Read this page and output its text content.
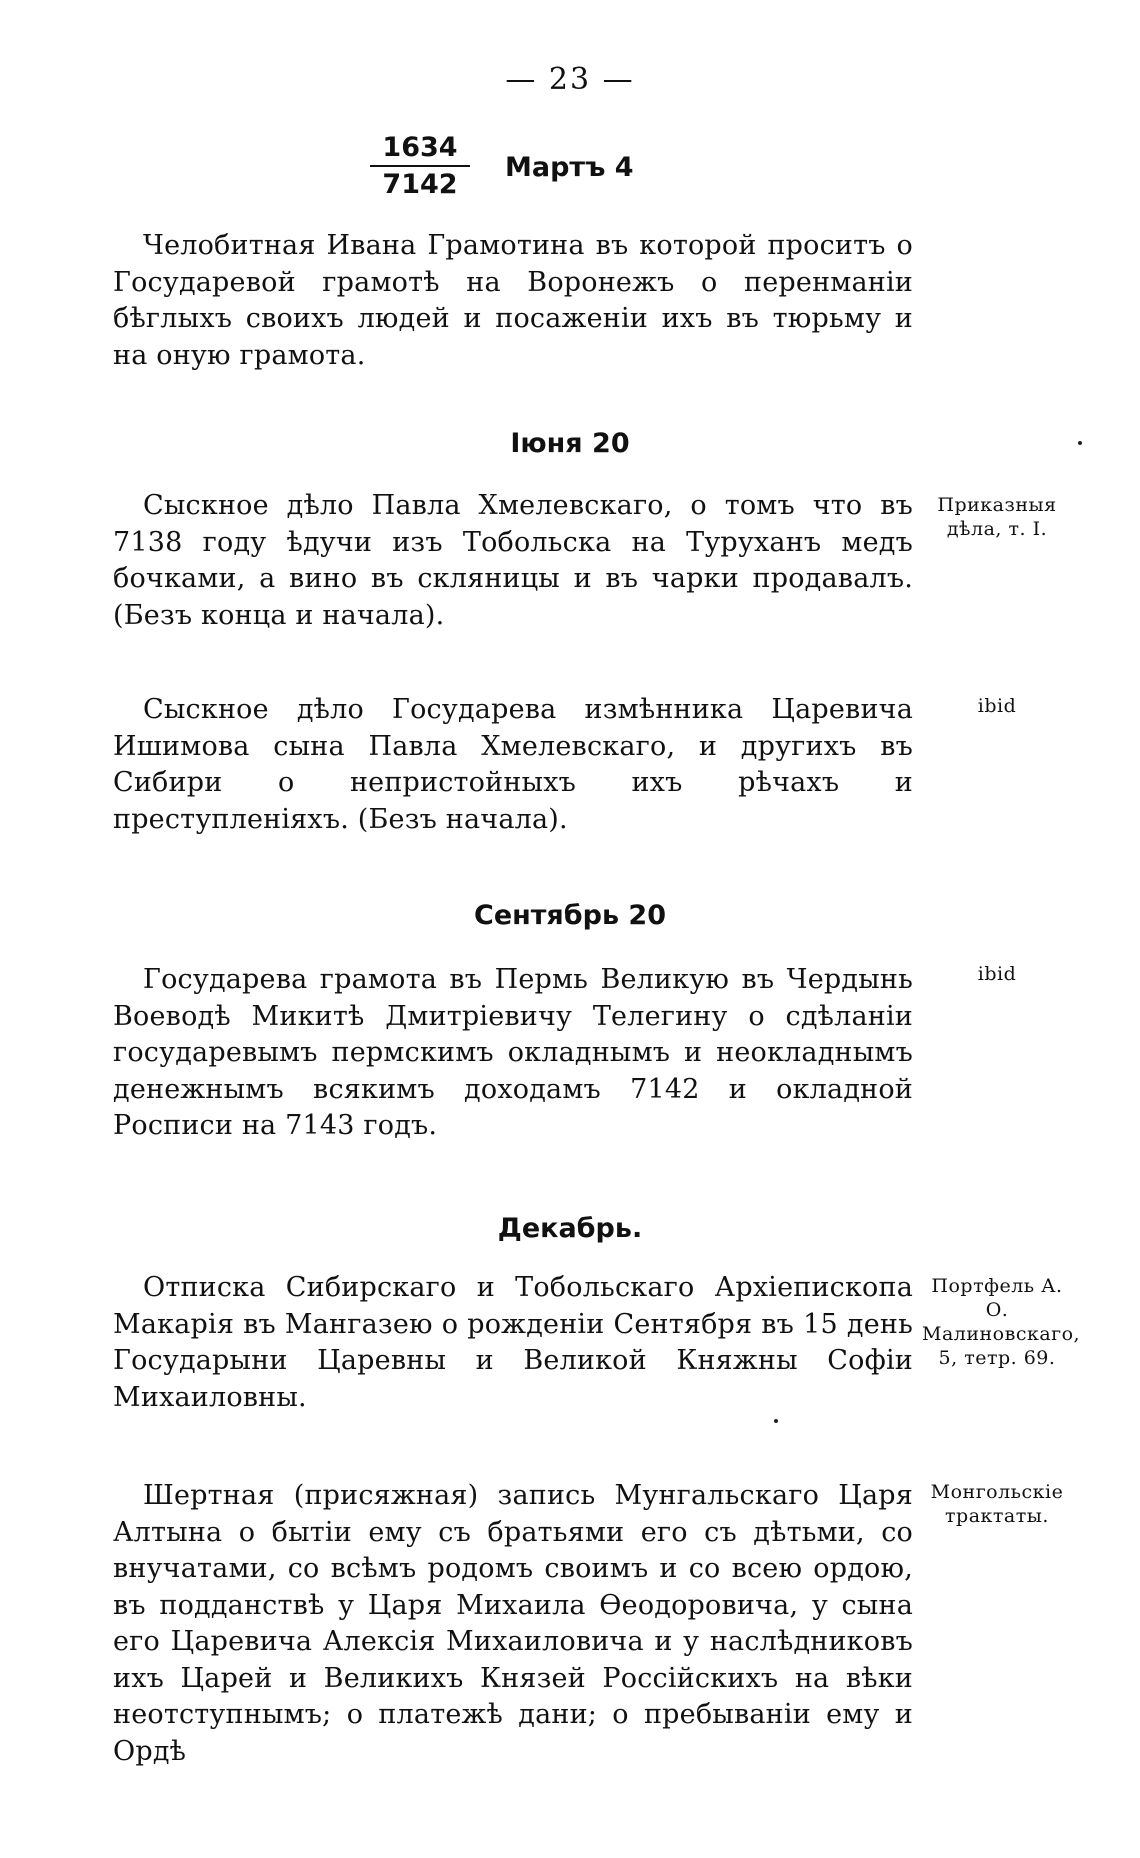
— 23 —
$\frac{1634}{7142}$ Мартъ 4

Челобитная Ивана Грамотина въ которой проситъ о Государевой грамотѣ на Воронежъ о перенманіи бѣглыхъ своихъ людей и посаженіи ихъ въ тюрьму и на оную грамота.

Іюня 20

Сыскное дѣло Павла Хмелевскаго, о томъ что въ 7138 году ѣдучи изъ Тобольска на Туруханъ медъ бочками, а вино въ скляницы и въ чарки продавалъ. (Безъ конца и начала).

Приказныя дѣла, т. I.

Сыскное дѣло Государева измѣнника Царевича Ишимова сына Павла Хмелевскаго, и другихъ въ Сибири о непристойныхъ ихъ рѣчахъ и преступленіяхъ. (Безъ начала).

ibid
Сентябрь 20

Государева грамота въ Пермь Великую въ Чердынь Воеводѣ Микитѣ Дмитріевичу Телегину о сдѣланіи государевымъ пермскимъ окладнымъ и неокладнымъ денежнымъ всякимъ доходамъ 7142 и окладной Росписи на 7143 годъ.

ibid
Декабрь.

Отписка Сибирскаго и Тобольскаго Архіепископа Макарія въ Мангазею о рожденіи Сентября въ 15 день Государыни Царевны и Великой Княжны Софіи Михаиловны.

Портфель А. О. Малиновскаго, 5, тетр. 69.

Шертная (присяжная) запись Мунгальскаго Царя Алтына о бытіи ему съ братьями его съ дѣтьми, со внучатами, со всѣмъ родомъ своимъ и со всею ордою, въ подданствѣ у Царя Михаила Ѳеодоровича, у сына его Царевича Алексія Михаиловича и у наслѣдниковъ ихъ Царей и Великихъ Князей Россійскихъ на вѣки неотступнымъ; о платежѣ дани; о пребываніи ему и Ордѣ

Монгольскіе трактаты.
